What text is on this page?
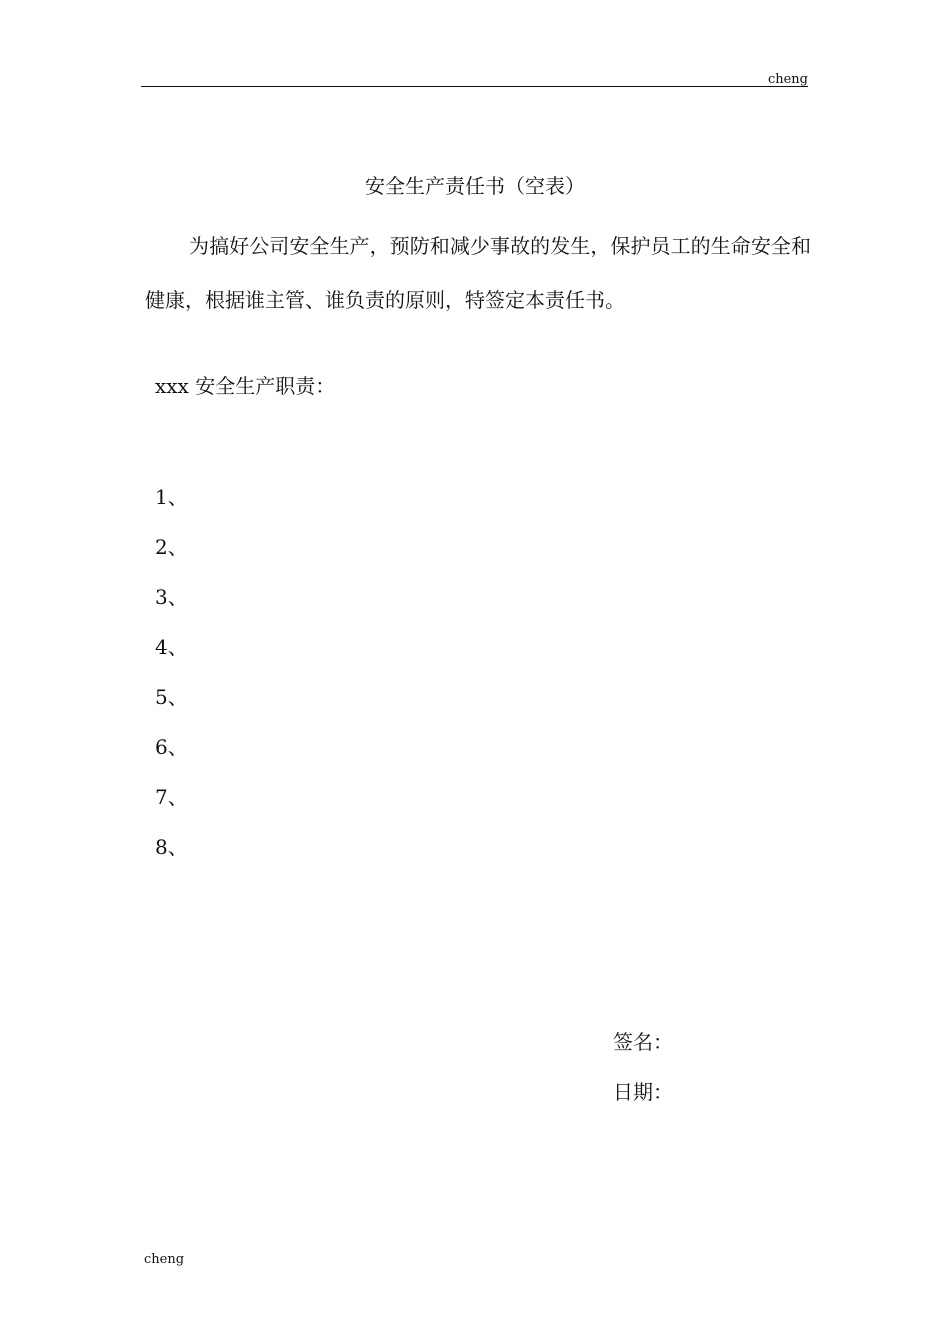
cheng
安全生产责任书（空表）

为搞好公司安全生产，预防和减少事故的发生，保护员工的生命安全和健康，根据谁主管、谁负责的原则，特签定本责任书。

xxx 安全生产职责：
1、
2、
3、
4、
5、
6、
7、
8、
签名：
日期：
cheng
